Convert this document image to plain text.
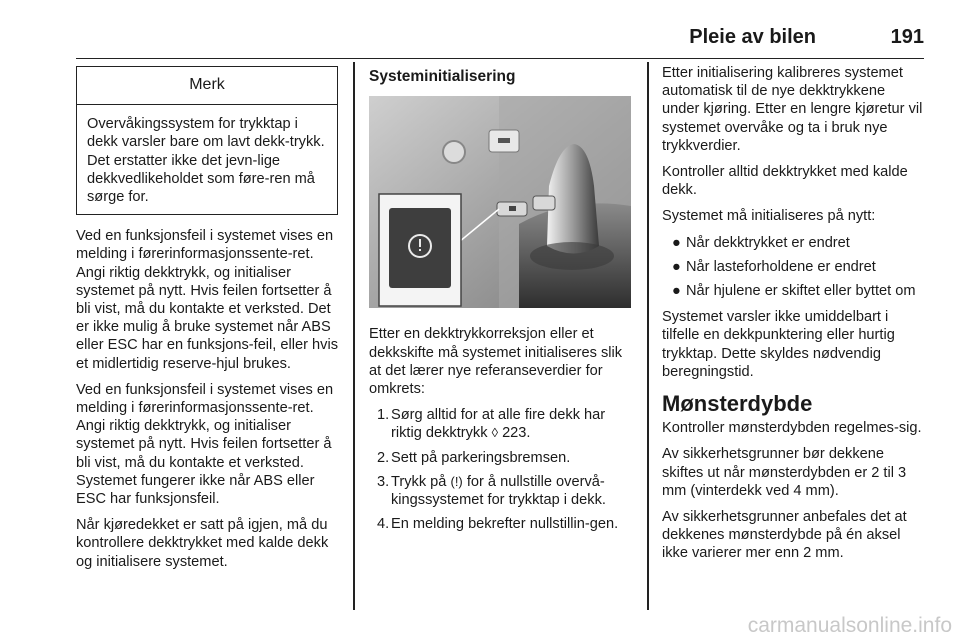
Pleie av bilen	191
Merk
Overvåkingssystem for trykktap i dekk varsler bare om lavt dekk-trykk. Det erstatter ikke det jevn-lige dekkvedlikeholdet som føre-ren må sørge for.

Ved en funksjonsfeil i systemet vises en melding i førerinformasjonssente-ret. Angi riktig dekktrykk, og initialiser systemet på nytt. Hvis feilen fortsetter å bli vist, må du kontakte et verksted. Det er ikke mulig å bruke systemet når ABS eller ESC har en funksjons-feil, eller hvis et midlertidig reserve-hjul brukes.

Ved en funksjonsfeil i systemet vises en melding i førerinformasjonssente-ret. Angi riktig dekktrykk, og initialiser systemet på nytt. Hvis feilen fortsetter å bli vist, må du kontakte et verksted. Systemet fungerer ikke når ABS eller ESC har funksjonsfeil.

Når kjøredekket er satt på igjen, må du kontrollere dekktrykket med kalde dekk og initialisere systemet.

Systeminitialisering

Etter en dekktrykkorreksjon eller et dekkskifte må systemet initialiseres slik at det lærer nye referanseverdier for omkrets:

1. Sørg alltid for at alle fire dekk har riktig dekktrykk ◊ 223.
2. Sett på parkeringsbremsen.
3. Trykk på (!) for å nullstille overvå-kingssystemet for trykktap i dekk.
4. En melding bekrefter nullstillin-gen.

Etter initialisering kalibreres systemet automatisk til de nye dekktrykkene under kjøring. Etter en lengre kjøretur vil systemet overvåke og ta i bruk nye trykkverdier.

Kontroller alltid dekktrykket med kalde dekk.

Systemet må initialiseres på nytt:

● Når dekktrykket er endret
● Når lasteforholdene er endret
● Når hjulene er skiftet eller byttet om

Systemet varsler ikke umiddelbart i tilfelle en dekkpunktering eller hurtig trykktap. Dette skyldes nødvendig beregningstid.

Mønsterdybde

Kontroller mønsterdybden regelmes-sig.

Av sikkerhetsgrunner bør dekkene skiftes ut når mønsterdybden er 2 til 3 mm (vinterdekk ved 4 mm).

Av sikkerhetsgrunner anbefales det at dekkenes mønsterdybde på én aksel ikke varierer mer enn 2 mm.

carmanualsonline.info
